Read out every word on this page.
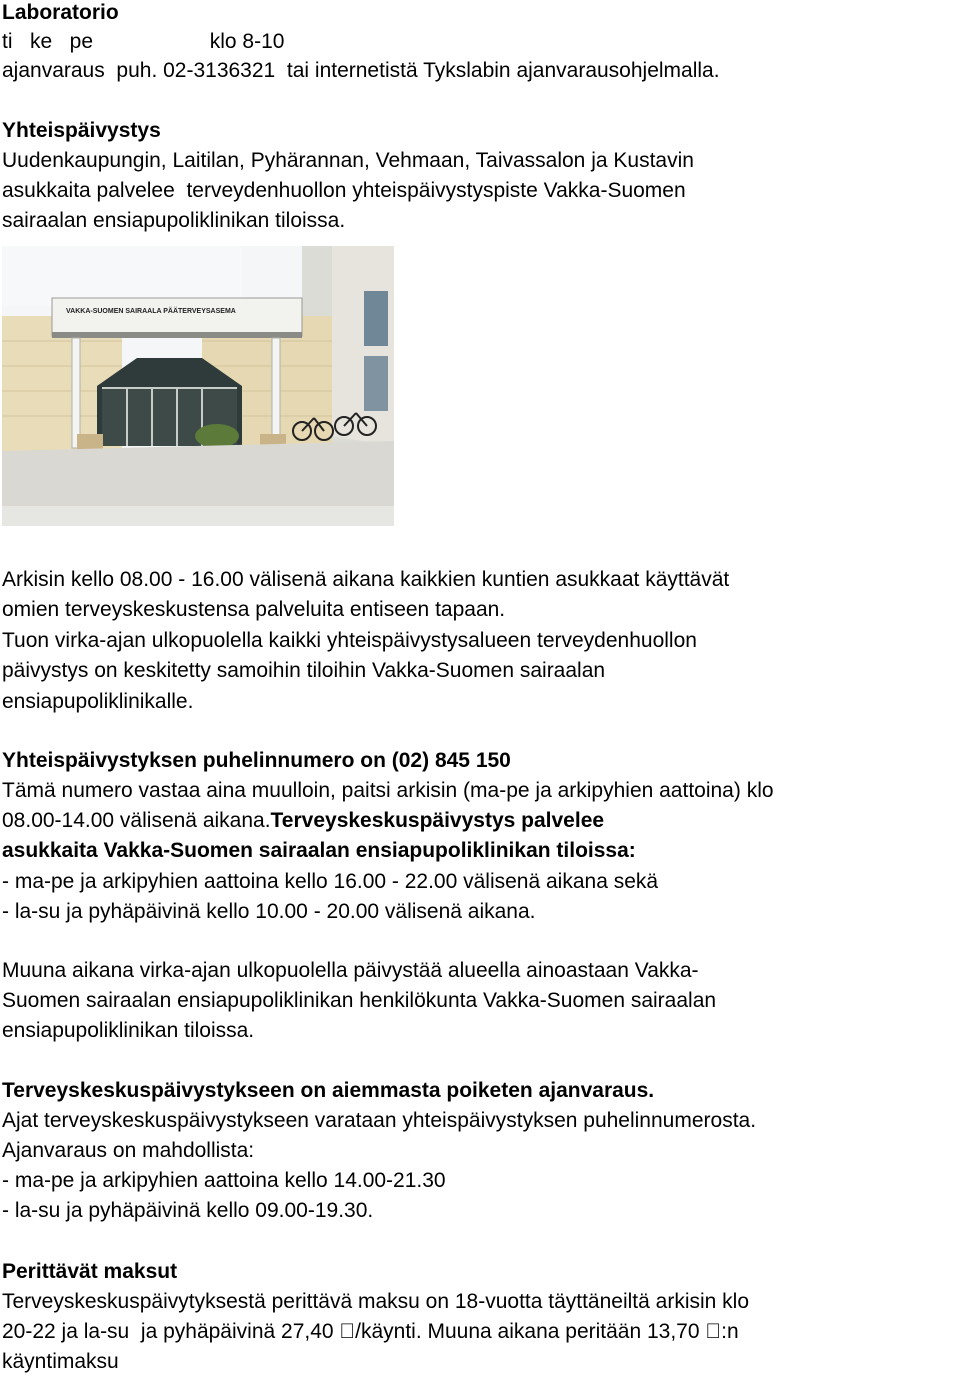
Laboratorio
ti   ke   pe                    klo 8-10
ajanvaraus  puh. 02-3136321  tai internetistä Tykslabin ajanvarausohjelmalla.
Yhteispäivystys
Uudenkaupungin, Laitilan, Pyhärannan, Vehmaan, Taivassalon ja Kustavin
asukkaita palvelee  terveydenhuollon yhteispäivystyspiste Vakka-Suomen
sairaalan ensiapupoliklinikan tiloissa.
VAKKA-SUOMEN SAIRAALA PÄÄTERVEYSASEMA
Arkisin kello 08.00 - 16.00 välisenä aikana kaikkien kuntien asukkaat käyttävät
omien terveyskeskustensa palveluita entiseen tapaan.
Tuon virka-ajan ulkopuolella kaikki yhteispäivystysalueen terveydenhuollon
päivystys on keskitetty samoihin tiloihin Vakka-Suomen sairaalan
ensiapupoliklinikalle.
Yhteispäivystyksen puhelinnumero on (02) 845 150
Tämä numero vastaa aina muulloin, paitsi arkisin (ma-pe ja arkipyhien aattoina) klo
08.00-14.00 välisenä aikana.Terveyskeskuspäivystys palvelee
asukkaita Vakka-Suomen sairaalan ensiapupoliklinikan tiloissa:
- ma-pe ja arkipyhien aattoina kello 16.00 - 22.00 välisenä aikana sekä
- la-su ja pyhäpäivinä kello 10.00 - 20.00 välisenä aikana.
Muuna aikana virka-ajan ulkopuolella päivystää alueella ainoastaan Vakka-
Suomen sairaalan ensiapupoliklinikan henkilökunta Vakka-Suomen sairaalan
ensiapupoliklinikan tiloissa.
Terveyskeskuspäivystykseen on aiemmasta poiketen ajanvaraus.
Ajat terveyskeskuspäivystykseen varataan yhteispäivystyksen puhelinnumerosta.
Ajanvaraus on mahdollista:
- ma-pe ja arkipyhien aattoina kello 14.00-21.30
- la-su ja pyhäpäivinä kello 09.00-19.30.
Perittävät maksut
Terveyskeskuspäivytyksestä perittävä maksu on 18-vuotta täyttäneiltä arkisin klo
20-22 ja la-su  ja pyhäpäivinä 27,40  /käynti. Muuna aikana peritään 13,70  :n
käyntimaksu
